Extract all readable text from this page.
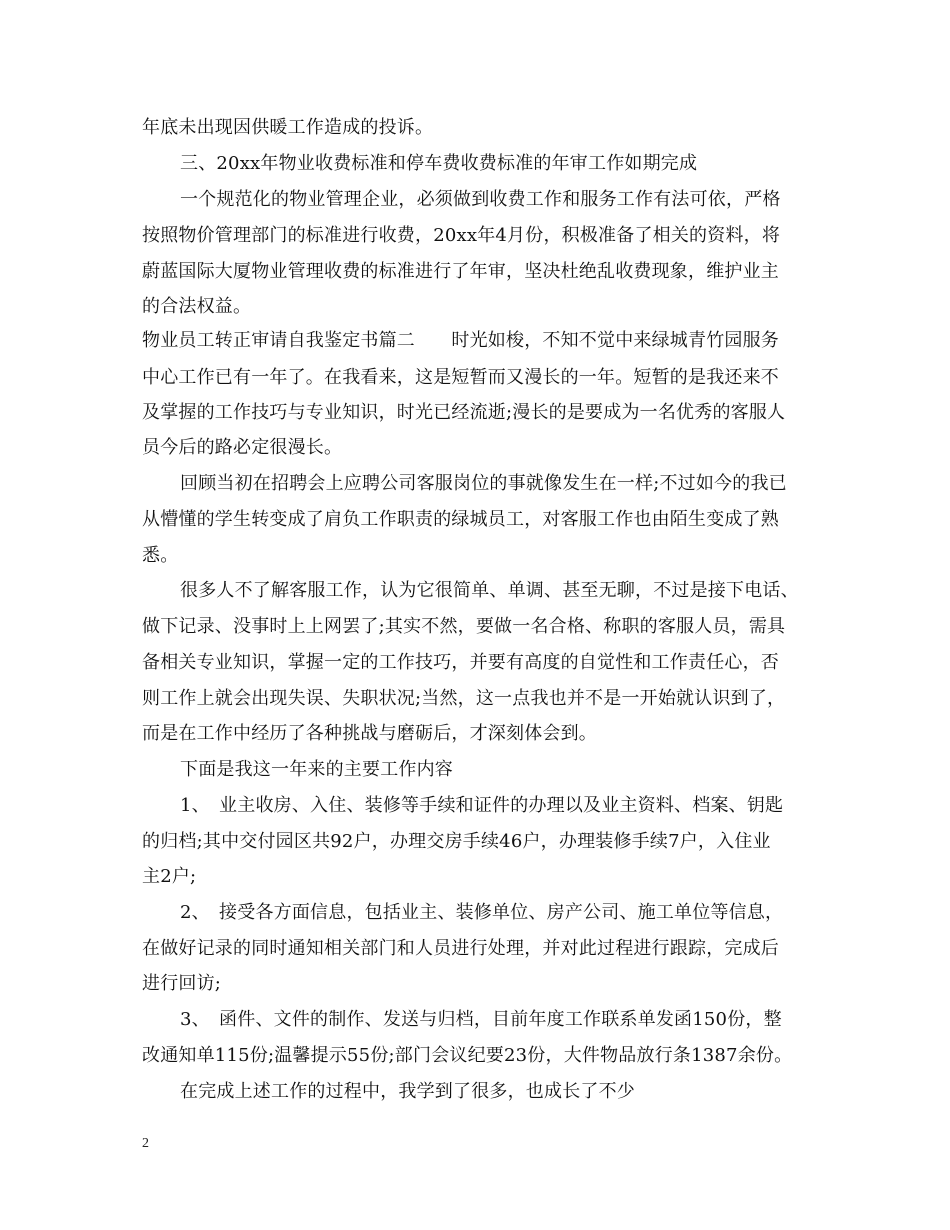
年底未出现因供暖工作造成的投诉。
三、20xx年物业收费标准和停车费收费标准的年审工作如期完成
一个规范化的物业管理企业，必须做到收费工作和服务工作有法可依，严格
按照物价管理部门的标准进行收费，20xx年4月份，积极准备了相关的资料，将
蔚蓝国际大厦物业管理收费的标准进行了年审，坚决杜绝乱收费现象，维护业主
的合法权益。
物业员工转正审请自我鉴定书篇二　　时光如梭，不知不觉中来绿城青竹园服务
中心工作已有一年了。在我看来，这是短暂而又漫长的一年。短暂的是我还来不
及掌握的工作技巧与专业知识，时光已经流逝;漫长的是要成为一名优秀的客服人
员今后的路必定很漫长。
回顾当初在招聘会上应聘公司客服岗位的事就像发生在一样;不过如今的我已
从懵懂的学生转变成了肩负工作职责的绿城员工，对客服工作也由陌生变成了熟
悉。
很多人不了解客服工作，认为它很简单、单调、甚至无聊，不过是接下电话、
做下记录、没事时上上网罢了;其实不然，要做一名合格、称职的客服人员，需具
备相关专业知识，掌握一定的工作技巧，并要有高度的自觉性和工作责任心，否
则工作上就会出现失误、失职状况;当然，这一点我也并不是一开始就认识到了，
而是在工作中经历了各种挑战与磨砺后，才深刻体会到。
下面是我这一年来的主要工作内容
1、　业主收房、入住、装修等手续和证件的办理以及业主资料、档案、钥匙
的归档;其中交付园区共92户，办理交房手续46户，办理装修手续7户，入住业
主2户;
2、　接受各方面信息，包括业主、装修单位、房产公司、施工单位等信息，
在做好记录的同时通知相关部门和人员进行处理，并对此过程进行跟踪，完成后
进行回访;
3、　函件、文件的制作、发送与归档，目前年度工作联系单发函150份，整
改通知单115份;温馨提示55份;部门会议纪要23份，大件物品放行条1387余份。
在完成上述工作的过程中，我学到了很多，也成长了不少
2
